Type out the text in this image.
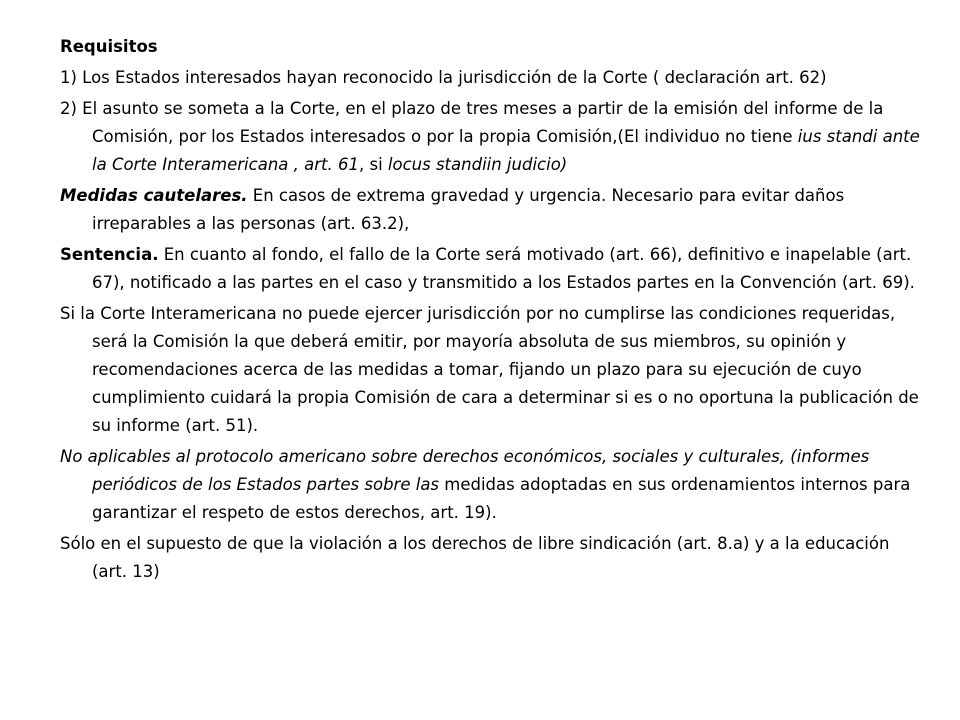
Requisitos

1) Los Estados interesados hayan reconocido la jurisdicción de la Corte ( declaración art. 62)

2) El asunto se someta a la Corte, en el plazo de tres meses a partir de la emisión del informe de la Comisión, por los Estados interesados o por la propia Comisión,(El individuo no tiene ius standi ante la Corte Interamericana , art. 61, si locus standiin judicio)

Medidas cautelares. En casos de extrema gravedad y urgencia. Necesario para evitar daños irreparables a las personas (art. 63.2),

Sentencia. En cuanto al fondo, el fallo de la Corte será motivado (art. 66), definitivo e inapelable (art. 67), notificado a las partes en el caso y transmitido a los Estados partes en la Convención (art. 69).

Si la Corte Interamericana no puede ejercer jurisdicción por no cumplirse las condiciones requeridas, será la Comisión la que deberá emitir, por mayoría absoluta de sus miembros, su opinión y recomendaciones acerca de las medidas a tomar, fijando un plazo para su ejecución de cuyo cumplimiento cuidará la propia Comisión de cara a determinar si es o no oportuna la publicación de su informe (art. 51).

No aplicables al protocolo americano sobre derechos económicos, sociales y culturales, (informes periódicos de los Estados partes sobre las medidas adoptadas en sus ordenamientos internos para garantizar el respeto de estos derechos, art. 19).

Sólo en el supuesto de que la violación a los derechos de libre sindicación (art. 8.a) y a la educación (art. 13)
